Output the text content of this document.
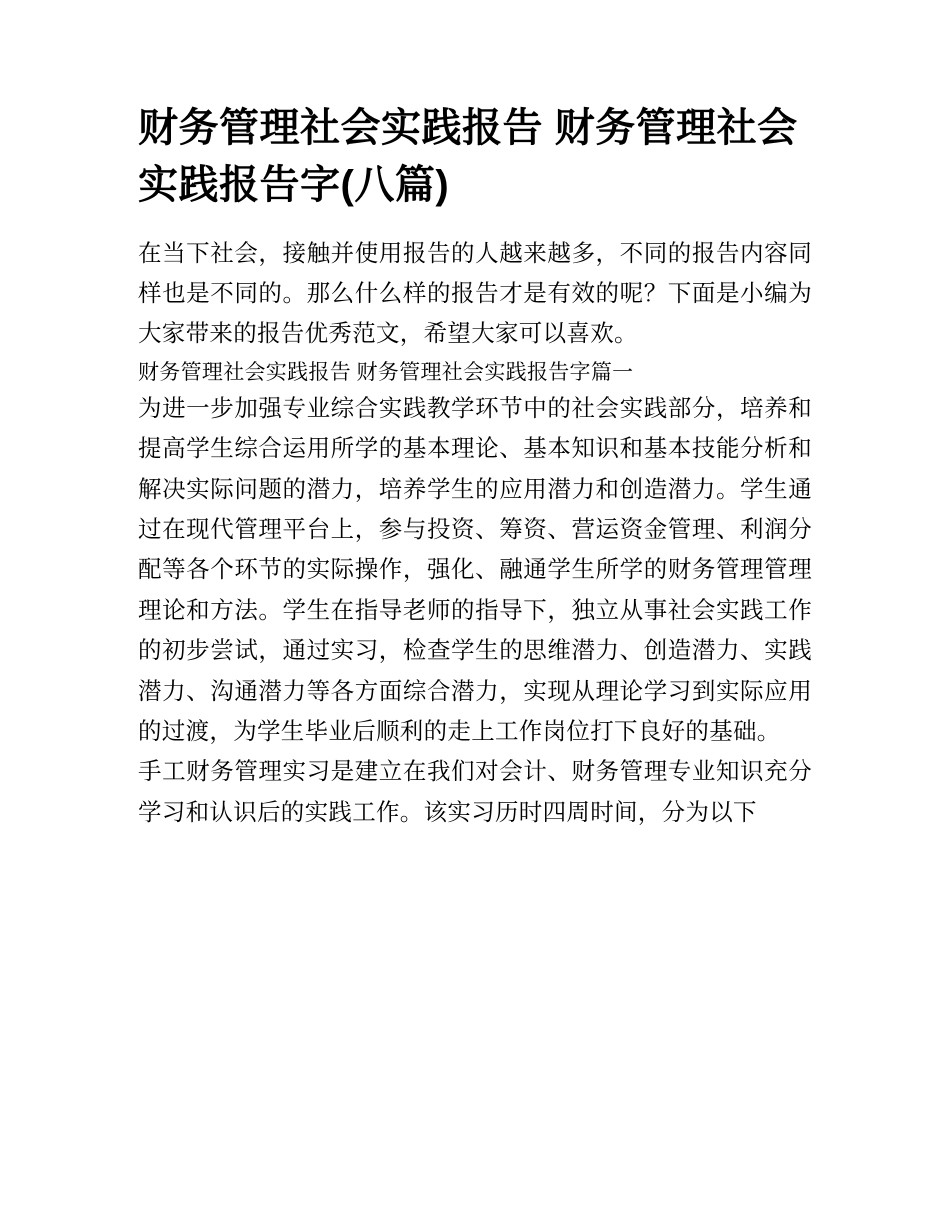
财务管理社会实践报告 财务管理社会实践报告字(八篇)

在当下社会，接触并使用报告的人越来越多，不同的报告内容同样也是不同的。那么什么样的报告才是有效的呢？下面是小编为大家带来的报告优秀范文，希望大家可以喜欢。

财务管理社会实践报告 财务管理社会实践报告字篇一

为进一步加强专业综合实践教学环节中的社会实践部分，培养和提高学生综合运用所学的基本理论、基本知识和基本技能分析和解决实际问题的潜力，培养学生的应用潜力和创造潜力。学生通过在现代管理平台上，参与投资、筹资、营运资金管理、利润分配等各个环节的实际操作，强化、融通学生所学的财务管理管理理论和方法。学生在指导老师的指导下，独立从事社会实践工作的初步尝试，通过实习，检查学生的思维潜力、创造潜力、实践潜力、沟通潜力等各方面综合潜力，实现从理论学习到实际应用的过渡，为学生毕业后顺利的走上工作岗位打下良好的基础。

手工财务管理实习是建立在我们对会计、财务管理专业知识充分学习和认识后的实践工作。该实习历时四周时间，分为以下
